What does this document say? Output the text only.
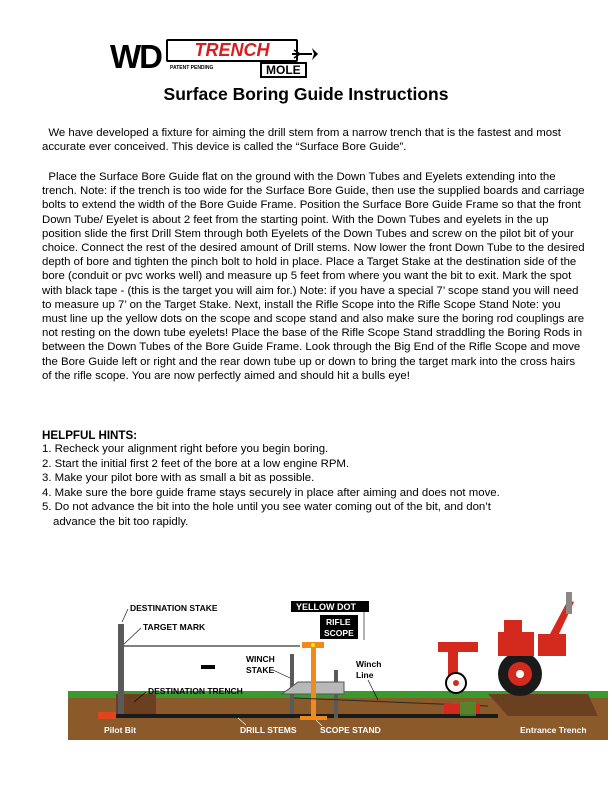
WD	TRENCH
PATENT PENDING	MOLE
Surface Boring Guide Instructions

We have developed a fixture for aiming the drill stem from a narrow trench that is the fastest and most accurate ever conceived. This device is called the “Surface Bore Guide”.

Place the Surface Bore Guide flat on the ground with the Down Tubes and Eyelets extending into the trench. Note: if the trench is too wide for the Surface Bore Guide, then use the supplied boards and carriage bolts to extend the width of the Bore Guide Frame. Position the Surface Bore Guide Frame so that the front Down Tube/ Eyelet is about 2 feet from the starting point. With the Down Tubes and eyelets in the up position slide the first Drill Stem through both Eyelets of the Down Tubes and screw on the pilot bit of your choice. Connect the rest of the desired amount of Drill stems. Now lower the front Down Tube to the desired depth of bore and tighten the pinch bolt to hold in place. Place a Target Stake at the destination side of the bore (conduit or pvc works well) and measure up 5 feet from where you want the bit to exit. Mark the spot with black tape - (this is the target you will aim for.) Note: if you have a special 7’ scope stand you will need to measure up 7’ on the Target Stake. Next, install the Rifle Scope into the Rifle Scope Stand Note: you must line up the yellow dots on the scope and scope stand and also make sure the boring rod couplings are not resting on the down tube eyelets! Place the base of the Rifle Scope Stand straddling the Boring Rods in between the Down Tubes of the Bore Guide Frame. Look through the Big End of the Rifle Scope and move the Bore Guide left or right and the rear down tube up or down to bring the target mark into the cross hairs of the rifle scope. You are now perfectly aimed and should hit a bulls eye!

HELPFUL HINTS:

1. Recheck your alignment right before you begin boring.
2. Start the initial first 2 feet of the bore at a low engine RPM.
3. Make your pilot bore with as small a bit as possible.
4. Make sure the bore guide frame stays securely in place after aiming and does not move.
5. Do not advance the bit into the hole until you see water coming out of the bit, and don’t
advance the bit too rapidly.
DESTINATION STAKE
TARGET MARK
YELLOW DOT
RIFLE
SCOPE
WINCH
STAKE
Winch
Line
DESTINATION TRENCH
Pilot Bit	DRILL STEMS	SCOPE STAND	Entrance Trench
